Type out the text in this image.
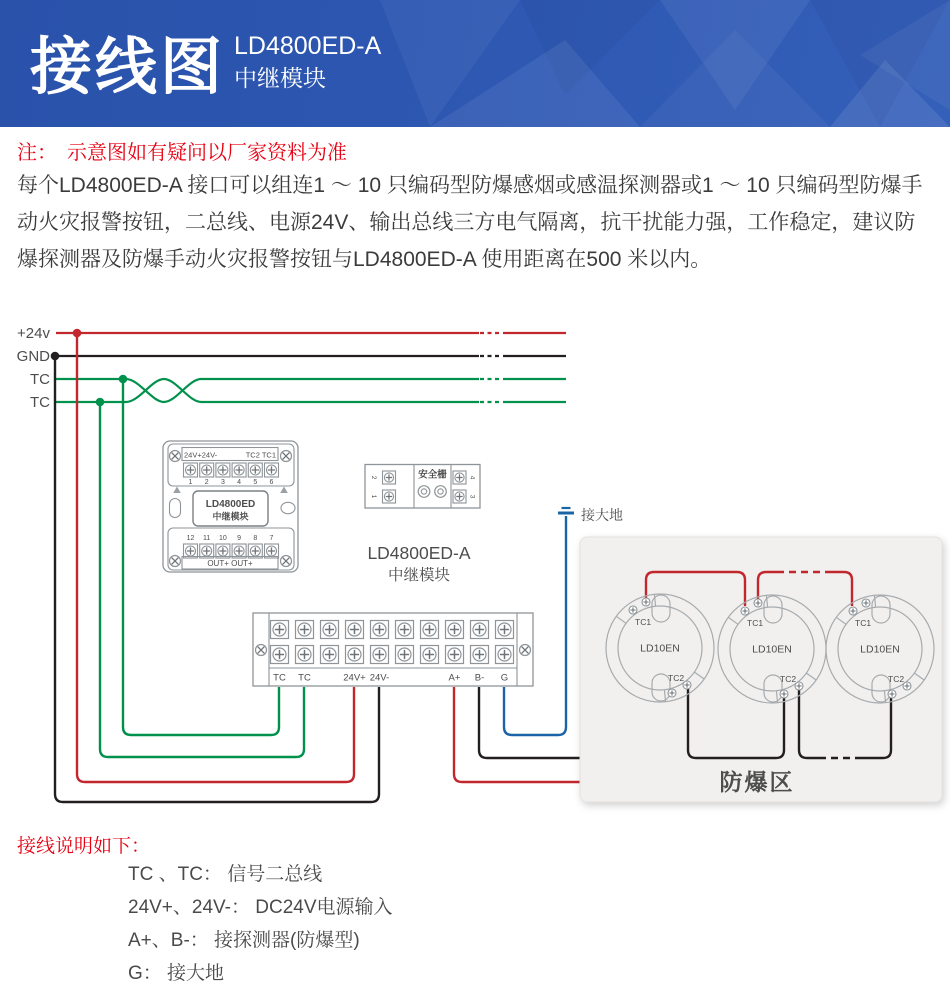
接线图 LD4800ED-A
中继模块
注：　示意图如有疑问以厂家资料为准
每个LD4800ED-A 接口可以组连1 ～ 10 只编码型防爆感烟或感温探测器或1 ～ 10 只编码型防爆手动火灾报警按钮，二总线、电源24V、输出总线三方电气隔离，抗干扰能力强，工作稳定，建议防爆探测器及防爆手动火灾报警按钮与LD4800ED-A 使用距离在500 米以内。
+24v
GND
TC
TC
接大地
LD4800ED-A
中继模块
24V+24V-	TC2 TC1
1 2 3 4 5 6
LD4800ED
中继模块
12 11 10 9 8 7
OUT+ OUT+
安全栅
2
1
4
3
TC TC	24V+ 24V-	A+ B- G
TC1
LD10EN
TC2
TC1
LD10EN
TC2
TC1
LD10EN
TC2
防爆区
接线说明如下：
TC 、TC： 信号二总线
24V+、24V-： DC24V电源输入
A+、B-： 接探测器(防爆型)
G： 接大地
